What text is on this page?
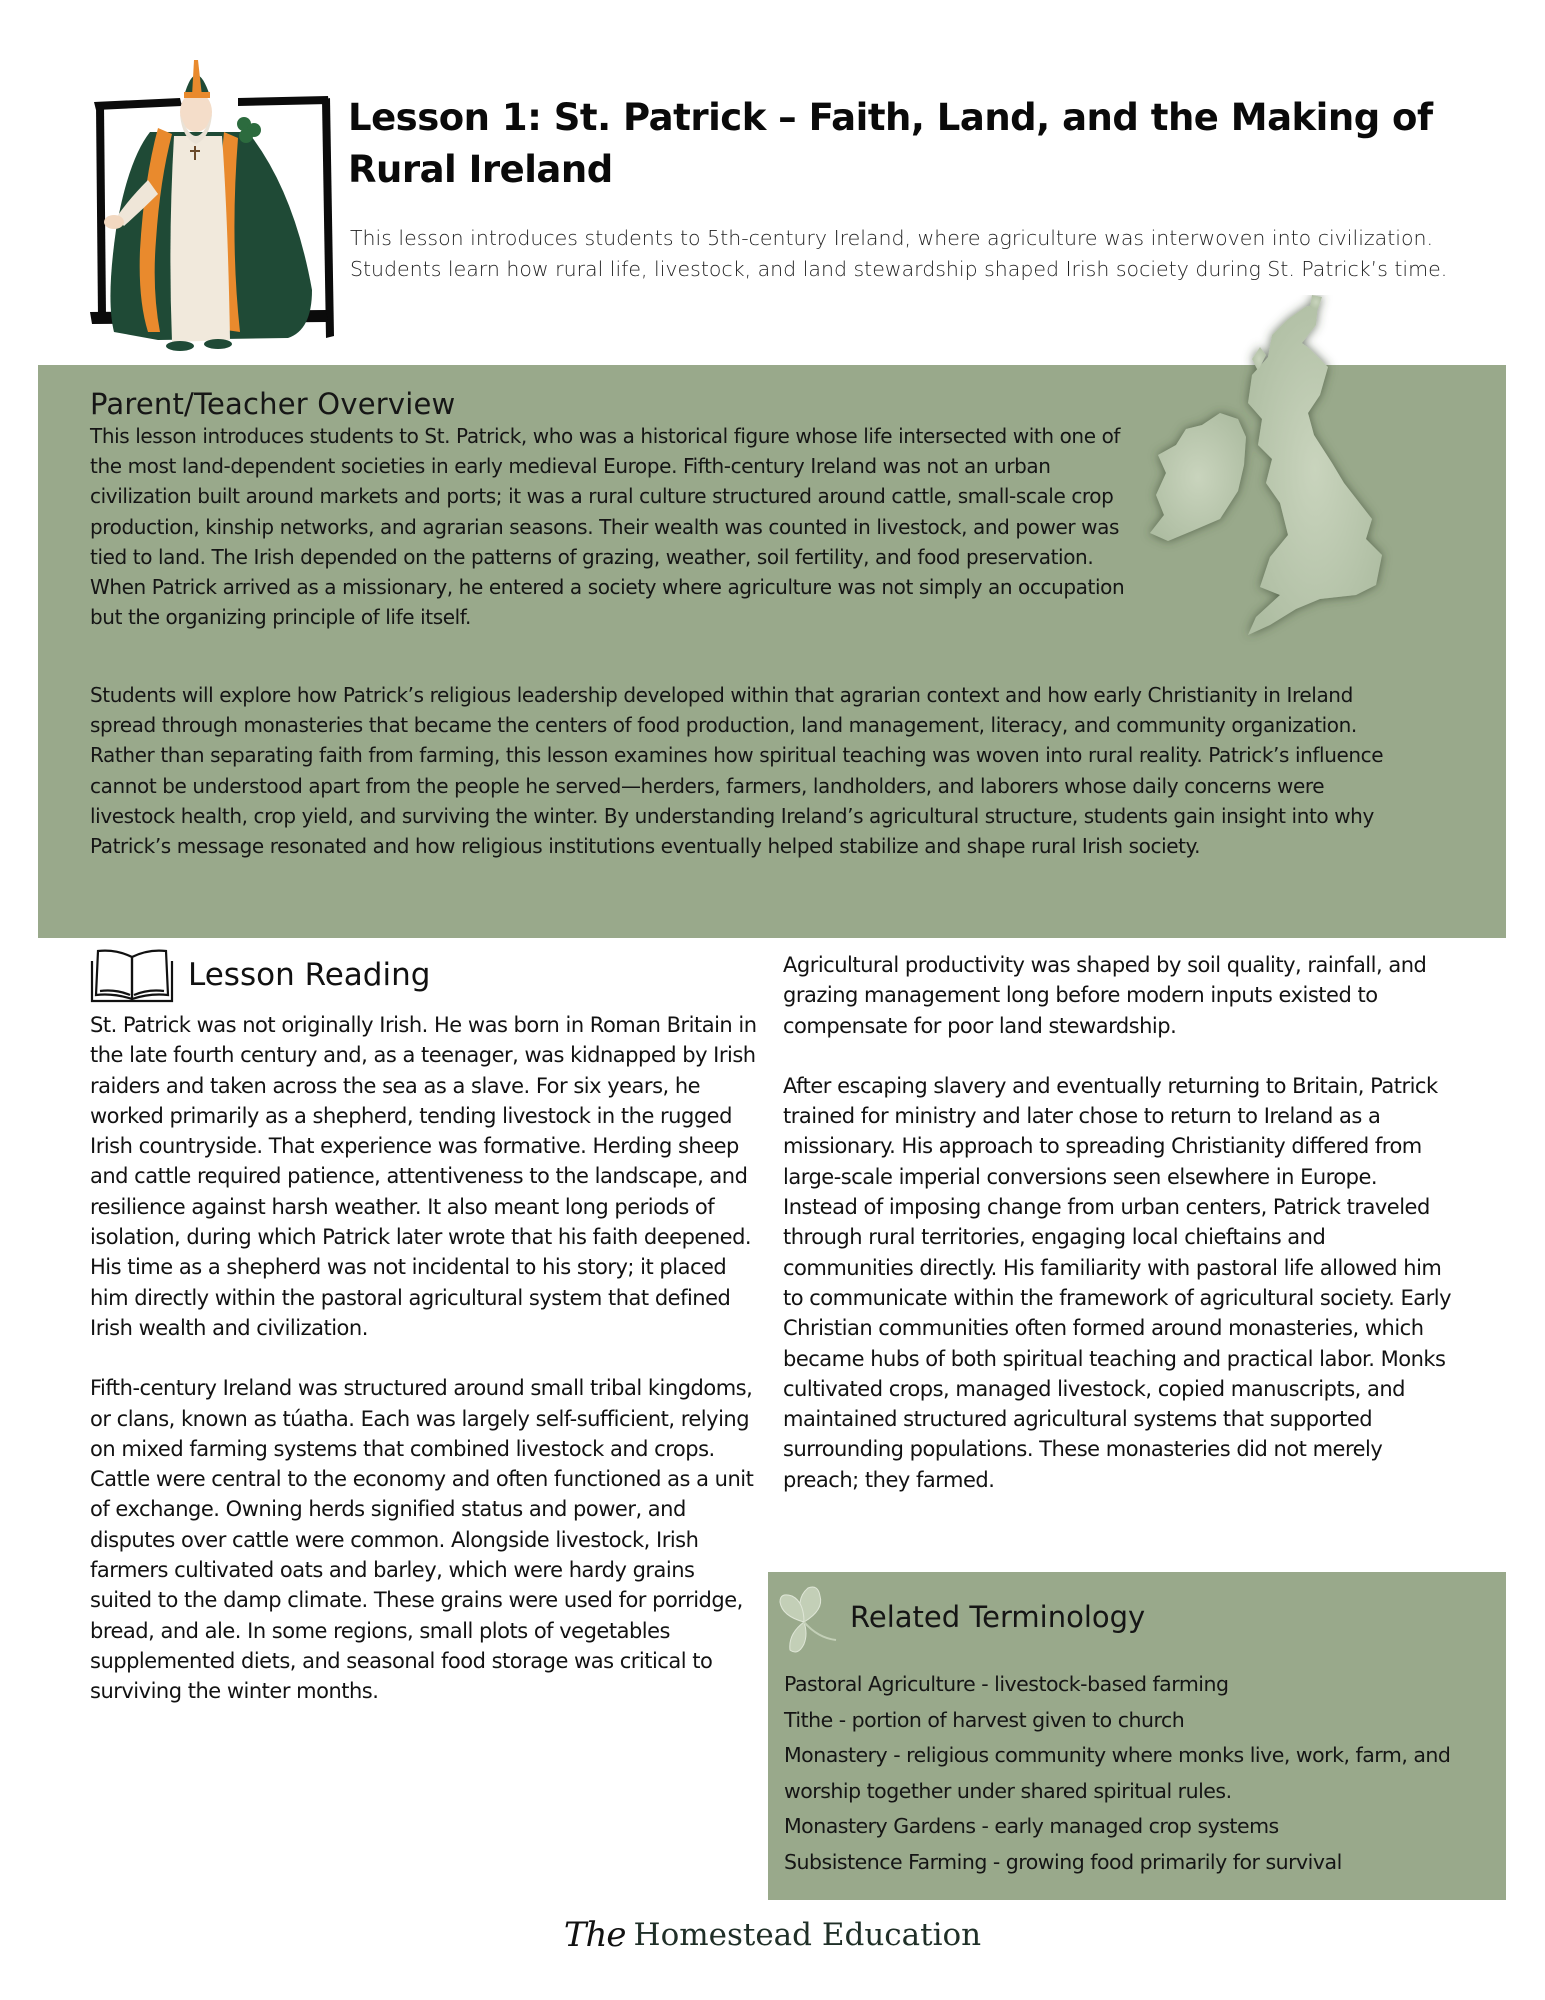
Lesson 1: St. Patrick – Faith, Land, and the Making of Rural Ireland

This lesson introduces students to 5th-century Ireland, where agriculture was interwoven into civilization. Students learn how rural life, livestock, and land stewardship shaped Irish society during St. Patrick’s time.

Parent/Teacher Overview

This lesson introduces students to St. Patrick, who was a historical figure whose life intersected with one of the most land-dependent societies in early medieval Europe. Fifth-century Ireland was not an urban civilization built around markets and ports; it was a rural culture structured around cattle, small-scale crop production, kinship networks, and agrarian seasons. Their wealth was counted in livestock, and power was tied to land. The Irish depended on the patterns of grazing, weather, soil fertility, and food preservation. When Patrick arrived as a missionary, he entered a society where agriculture was not simply an occupation but the organizing principle of life itself.

Students will explore how Patrick’s religious leadership developed within that agrarian context and how early Christianity in Ireland spread through monasteries that became the centers of food production, land management, literacy, and community organization. Rather than separating faith from farming, this lesson examines how spiritual teaching was woven into rural reality. Patrick’s influence cannot be understood apart from the people he served—herders, farmers, landholders, and laborers whose daily concerns were livestock health, crop yield, and surviving the winter. By understanding Ireland’s agricultural structure, students gain insight into why Patrick’s message resonated and how religious institutions eventually helped stabilize and shape rural Irish society.

Lesson Reading

St. Patrick was not originally Irish. He was born in Roman Britain in the late fourth century and, as a teenager, was kidnapped by Irish raiders and taken across the sea as a slave. For six years, he worked primarily as a shepherd, tending livestock in the rugged Irish countryside. That experience was formative. Herding sheep and cattle required patience, attentiveness to the landscape, and resilience against harsh weather. It also meant long periods of isolation, during which Patrick later wrote that his faith deepened. His time as a shepherd was not incidental to his story; it placed him directly within the pastoral agricultural system that defined Irish wealth and civilization.

Fifth-century Ireland was structured around small tribal kingdoms, or clans, known as túatha. Each was largely self-sufficient, relying on mixed farming systems that combined livestock and crops. Cattle were central to the economy and often functioned as a unit of exchange. Owning herds signified status and power, and disputes over cattle were common. Alongside livestock, Irish farmers cultivated oats and barley, which were hardy grains suited to the damp climate. These grains were used for porridge, bread, and ale. In some regions, small plots of vegetables supplemented diets, and seasonal food storage was critical to surviving the winter months.

Agricultural productivity was shaped by soil quality, rainfall, and grazing management long before modern inputs existed to compensate for poor land stewardship.

After escaping slavery and eventually returning to Britain, Patrick trained for ministry and later chose to return to Ireland as a missionary. His approach to spreading Christianity differed from large-scale imperial conversions seen elsewhere in Europe. Instead of imposing change from urban centers, Patrick traveled through rural territories, engaging local chieftains and communities directly. His familiarity with pastoral life allowed him to communicate within the framework of agricultural society. Early Christian communities often formed around monasteries, which became hubs of both spiritual teaching and practical labor. Monks cultivated crops, managed livestock, copied manuscripts, and maintained structured agricultural systems that supported surrounding populations. These monasteries did not merely preach; they farmed.

Related Terminology
Pastoral Agriculture - livestock-based farming
Tithe - portion of harvest given to church
Monastery - religious community where monks live, work, farm, and worship together under shared spiritual rules.
Monastery Gardens - early managed crop systems
Subsistence Farming - growing food primarily for survival
The Homestead Education
